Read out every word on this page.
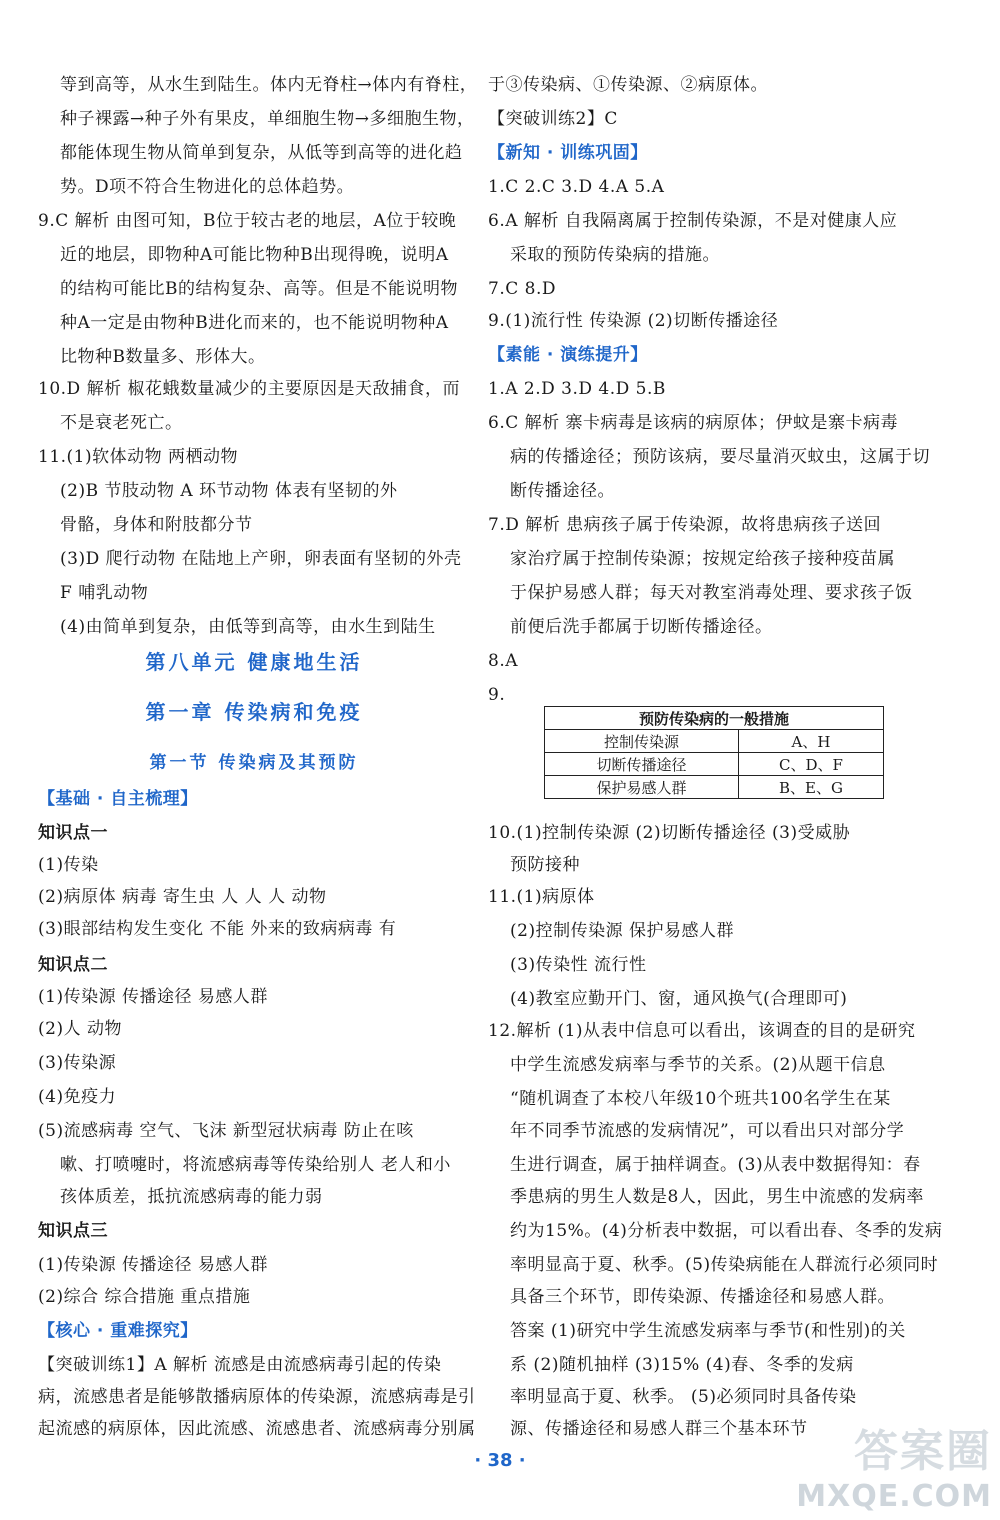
等到高等，从水生到陆生。体内无脊柱→体内有脊柱，
种子裸露→种子外有果皮，单细胞生物→多细胞生物，
都能体现生物从简单到复杂，从低等到高等的进化趋
势。D项不符合生物进化的总体趋势。
9.C 解析 由图可知，B位于较古老的地层，A位于较晚
近的地层，即物种A可能比物种B出现得晚，说明A
的结构可能比B的结构复杂、高等。但是不能说明物
种A一定是由物种B进化而来的，也不能说明物种A
比物种B数量多、形体大。
10.D 解析 椒花蛾数量减少的主要原因是天敌捕食，而
不是衰老死亡。
11.(1)软体动物 两栖动物
(2)B 节肢动物 A 环节动物 体表有坚韧的外
骨骼，身体和附肢都分节
(3)D 爬行动物 在陆地上产卵，卵表面有坚韧的外壳
F 哺乳动物
(4)由简单到复杂，由低等到高等，由水生到陆生
第八单元 健康地生活
第一章 传染病和免疫
第一节 传染病及其预防
【基础 · 自主梳理】
知识点一
(1)传染
(2)病原体 病毒 寄生虫 人 人 人 动物
(3)眼部结构发生变化 不能 外来的致病病毒 有
知识点二
(1)传染源 传播途径 易感人群
(2)人 动物
(3)传染源
(4)免疫力
(5)流感病毒 空气、飞沫 新型冠状病毒 防止在咳
嗽、打喷嚏时，将流感病毒等传染给别人 老人和小
孩体质差，抵抗流感病毒的能力弱
知识点三
(1)传染源 传播途径 易感人群
(2)综合 综合措施 重点措施
【核心 · 重难探究】
【突破训练1】A 解析 流感是由流感病毒引起的传染
病，流感患者是能够散播病原体的传染源，流感病毒是引
起流感的病原体，因此流感、流感患者、流感病毒分别属
于③传染病、①传染源、②病原体。
【突破训练2】C
【新知 · 训练巩固】
1.C 2.C 3.D 4.A 5.A
6.A 解析 自我隔离属于控制传染源，不是对健康人应
采取的预防传染病的措施。
7.C 8.D
9.(1)流行性 传染源 (2)切断传播途径
【素能 · 演练提升】
1.A 2.D 3.D 4.D 5.B
6.C 解析 寨卡病毒是该病的病原体；伊蚊是寨卡病毒
病的传播途径；预防该病，要尽量消灭蚊虫，这属于切
断传播途径。
7.D 解析 患病孩子属于传染源，故将患病孩子送回
家治疗属于控制传染源；按规定给孩子接种疫苗属
于保护易感人群；每天对教室消毒处理、要求孩子饭
前便后洗手都属于切断传播途径。
8.A
9.
预防传染病的一般措施	
控制传染源	A、H
切断传播途径	C、D、F
保护易感人群	B、E、G
10.(1)控制传染源 (2)切断传播途径 (3)受威胁
预防接种
11.(1)病原体
(2)控制传染源 保护易感人群
(3)传染性 流行性
(4)教室应勤开门、窗，通风换气(合理即可)
12.解析 (1)从表中信息可以看出，该调查的目的是研究
中学生流感发病率与季节的关系。(2)从题干信息
“随机调查了本校八年级10个班共100名学生在某
年不同季节流感的发病情况”，可以看出只对部分学
生进行调查，属于抽样调查。(3)从表中数据得知：春
季患病的男生人数是8人，因此，男生中流感的发病率
约为15%。(4)分析表中数据，可以看出春、冬季的发病
率明显高于夏、秋季。(5)传染病能在人群流行必须同时
具备三个环节，即传染源、传播途径和易感人群。
答案 (1)研究中学生流感发病率与季节(和性别)的关
系 (2)随机抽样 (3)15% (4)春、冬季的发病
率明显高于夏、秋季。 (5)必须同时具备传染
源、传播途径和易感人群三个基本环节
· 38 ·	答案圈
MXQE.COM
